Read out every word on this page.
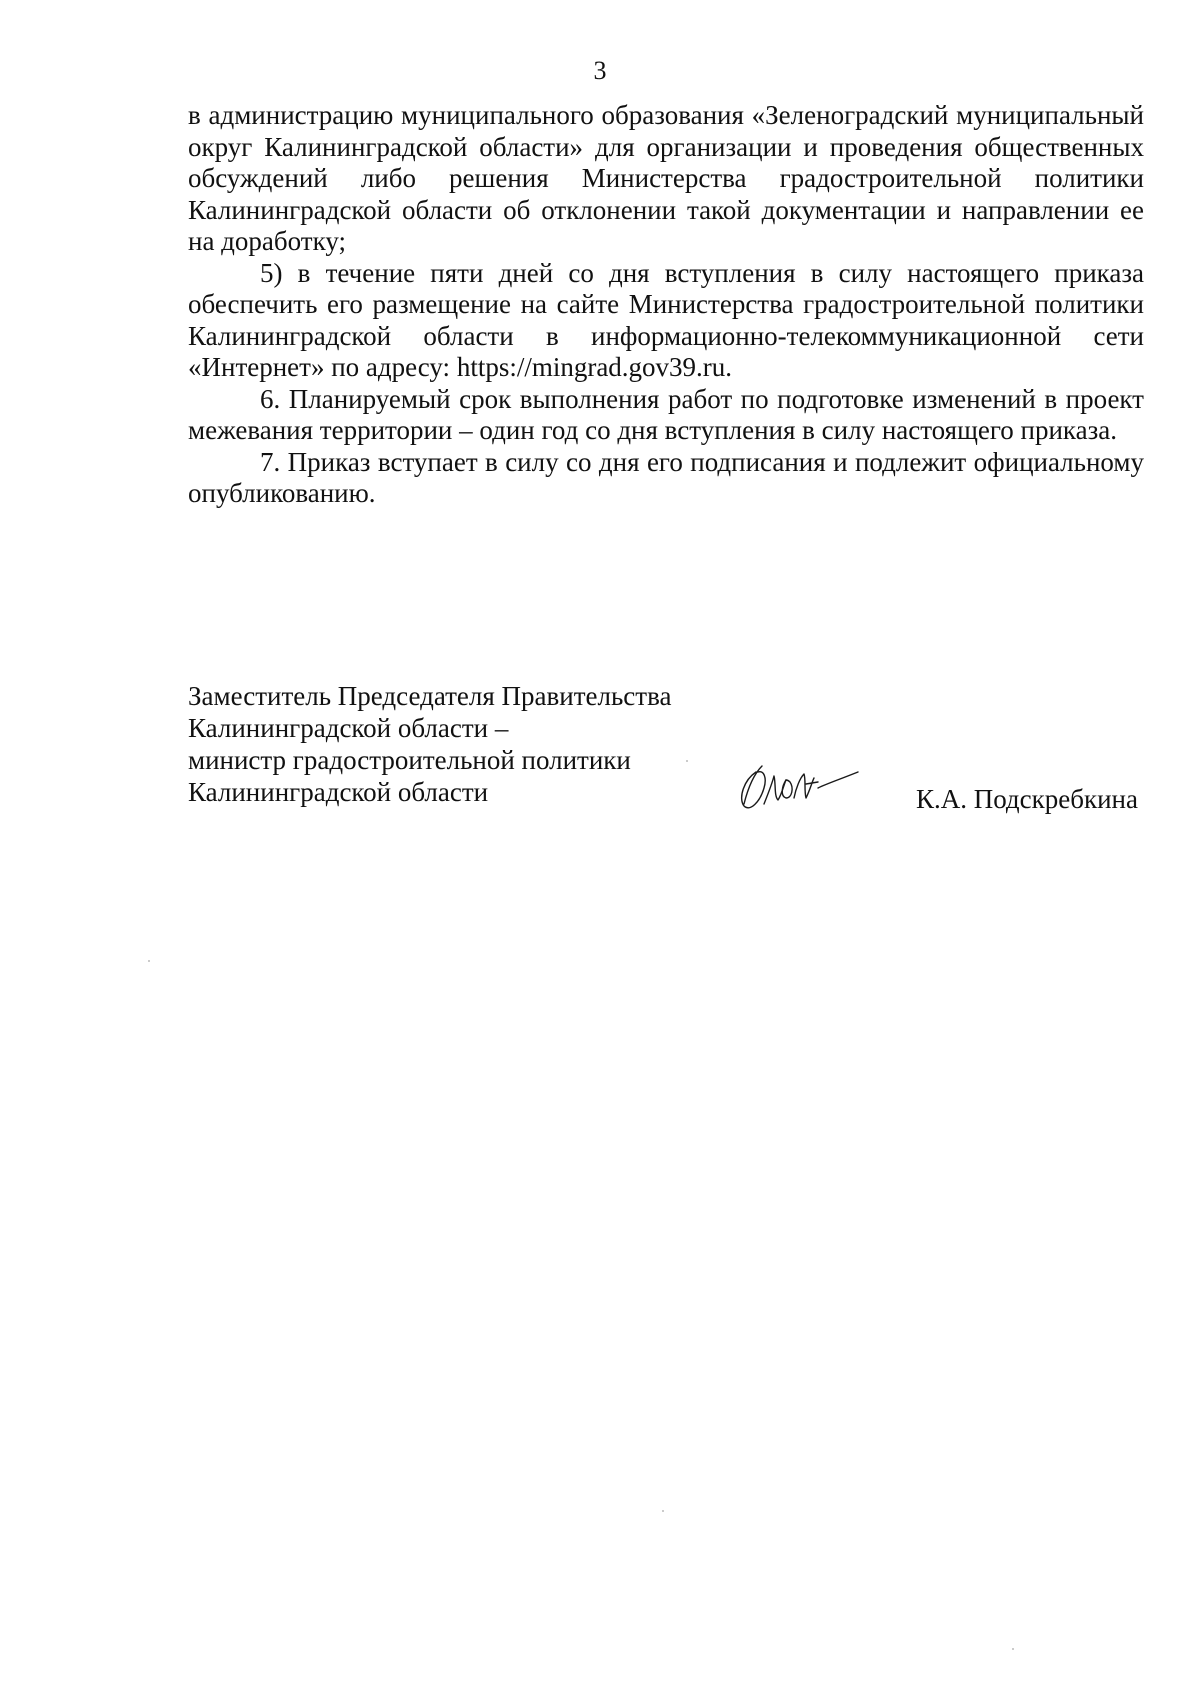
3

в администрацию муниципального образования «Зеленоградский муниципальный округ Калининградской области» для организации и проведения общественных обсуждений либо решения Министерства градостроительной политики Калининградской области об отклонении такой документации и направлении ее на доработку;

5) в течение пяти дней со дня вступления в силу настоящего приказа обеспечить его размещение на сайте Министерства градостроительной политики Калининградской области в информационно-телекоммуникационной сети «Интернет» по адресу: https://mingrad.gov39.ru.

6. Планируемый срок выполнения работ по подготовке изменений в проект межевания территории – один год со дня вступления в силу настоящего приказа.

7. Приказ вступает в силу со дня его подписания и подлежит официальному опубликованию.

Заместитель Председателя Правительства
Калининградской области –
министр градостроительной политики
Калининградской области	К.А. Подскребкина
